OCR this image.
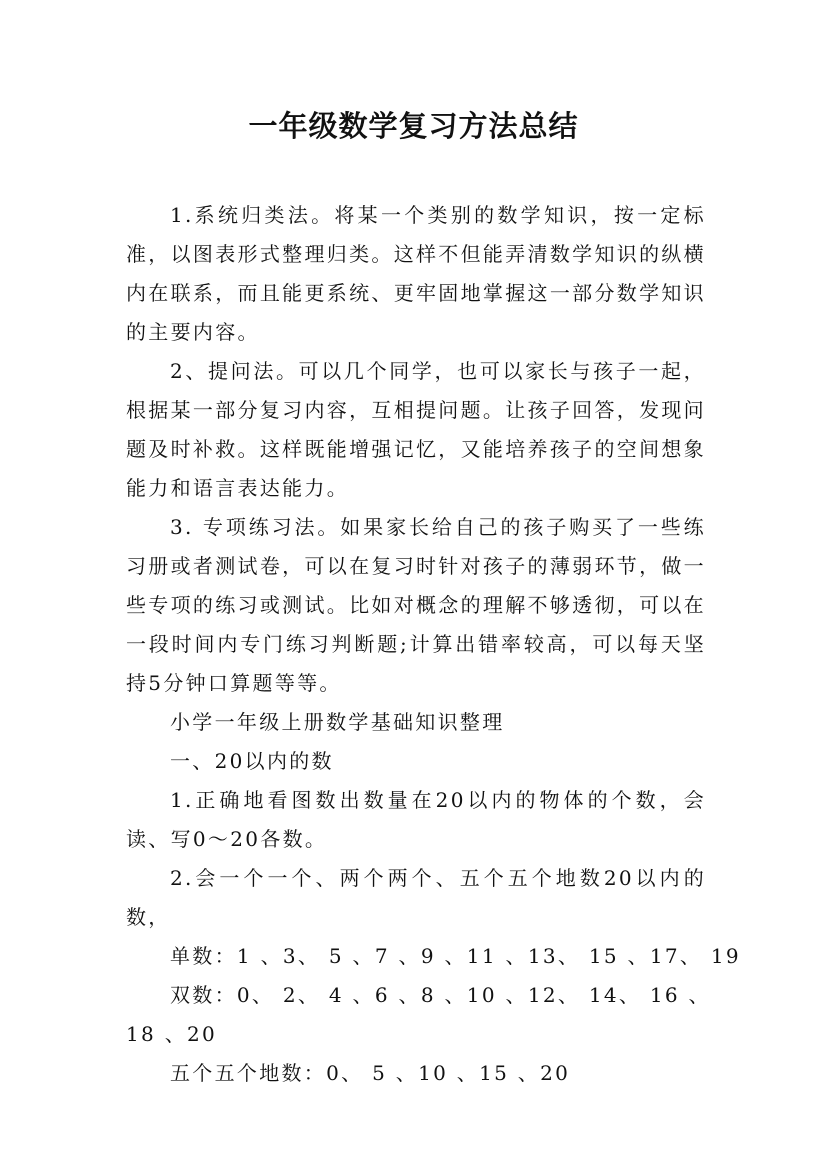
一年级数学复习方法总结

1.系统归类法。将某一个类别的数学知识，按一定标准，以图表形式整理归类。这样不但能弄清数学知识的纵横内在联系，而且能更系统、更牢固地掌握这一部分数学知识的主要内容。

2、提问法。可以几个同学，也可以家长与孩子一起，根据某一部分复习内容，互相提问题。让孩子回答，发现问题及时补救。这样既能增强记忆，又能培养孩子的空间想象能力和语言表达能力。

3. 专项练习法。如果家长给自己的孩子购买了一些练习册或者测试卷，可以在复习时针对孩子的薄弱环节，做一些专项的练习或测试。比如对概念的理解不够透彻，可以在一段时间内专门练习判断题;计算出错率较高，可以每天坚持5分钟口算题等等。

小学一年级上册数学基础知识整理

一、20以内的数

1.正确地看图数出数量在20以内的物体的个数，会读、写0～20各数。

2.会一个一个、两个两个、五个五个地数20以内的数，

单数：1 、3、 5 、7 、9 、11 、13、 15 、17、 19

双数：0、 2、 4 、6 、8 、10 、12、 14、 16 、

18 、20

五个五个地数：0、 5 、10 、15 、20
